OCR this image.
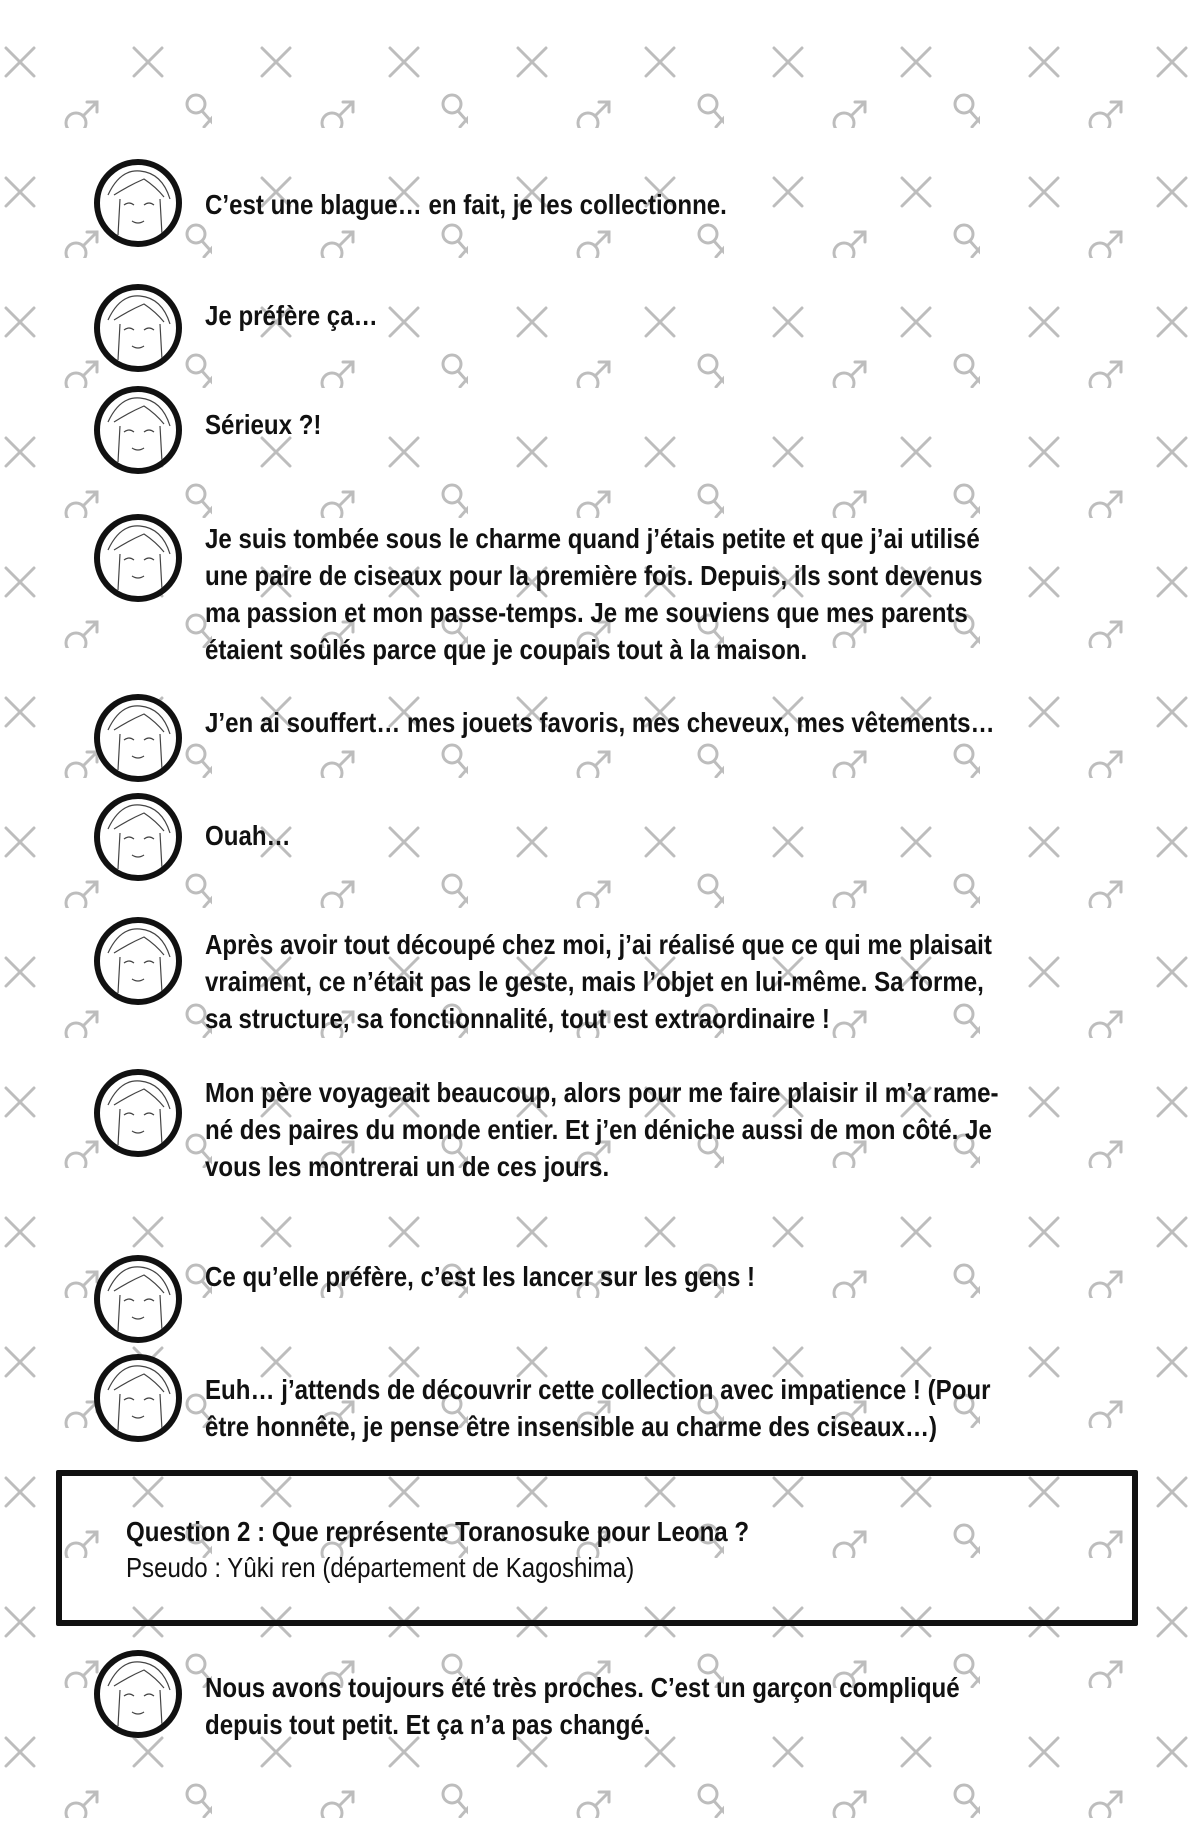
C’est une blague… en fait, je les collectionne.
Je préfère ça…
Sérieux ?!
Je suis tombée sous le charme quand j’étais petite et que j’ai utilisé
une paire de ciseaux pour la première fois. Depuis, ils sont devenus
ma passion et mon passe-temps. Je me souviens que mes parents
étaient soûlés parce que je coupais tout à la maison.
J’en ai souffert… mes jouets favoris, mes cheveux, mes vêtements…
Ouah…
Après avoir tout découpé chez moi, j’ai réalisé que ce qui me plaisait
vraiment, ce n’était pas le geste, mais l’objet en lui-même. Sa forme,
sa structure, sa fonctionnalité, tout est extraordinaire !
Mon père voyageait beaucoup, alors pour me faire plaisir il m’a rame-
né des paires du monde entier. Et j’en déniche aussi de mon côté. Je
vous les montrerai un de ces jours.
Ce qu’elle préfère, c’est les lancer sur les gens !
Euh… j’attends de découvrir cette collection avec impatience ! (Pour
être honnête, je pense être insensible au charme des ciseaux…)
Nous avons toujours été très proches. C’est un garçon compliqué
depuis tout petit. Et ça n’a pas changé.
Question 2 : Que représente Toranosuke pour Leona ?
Pseudo : Yûki ren (département de Kagoshima)
